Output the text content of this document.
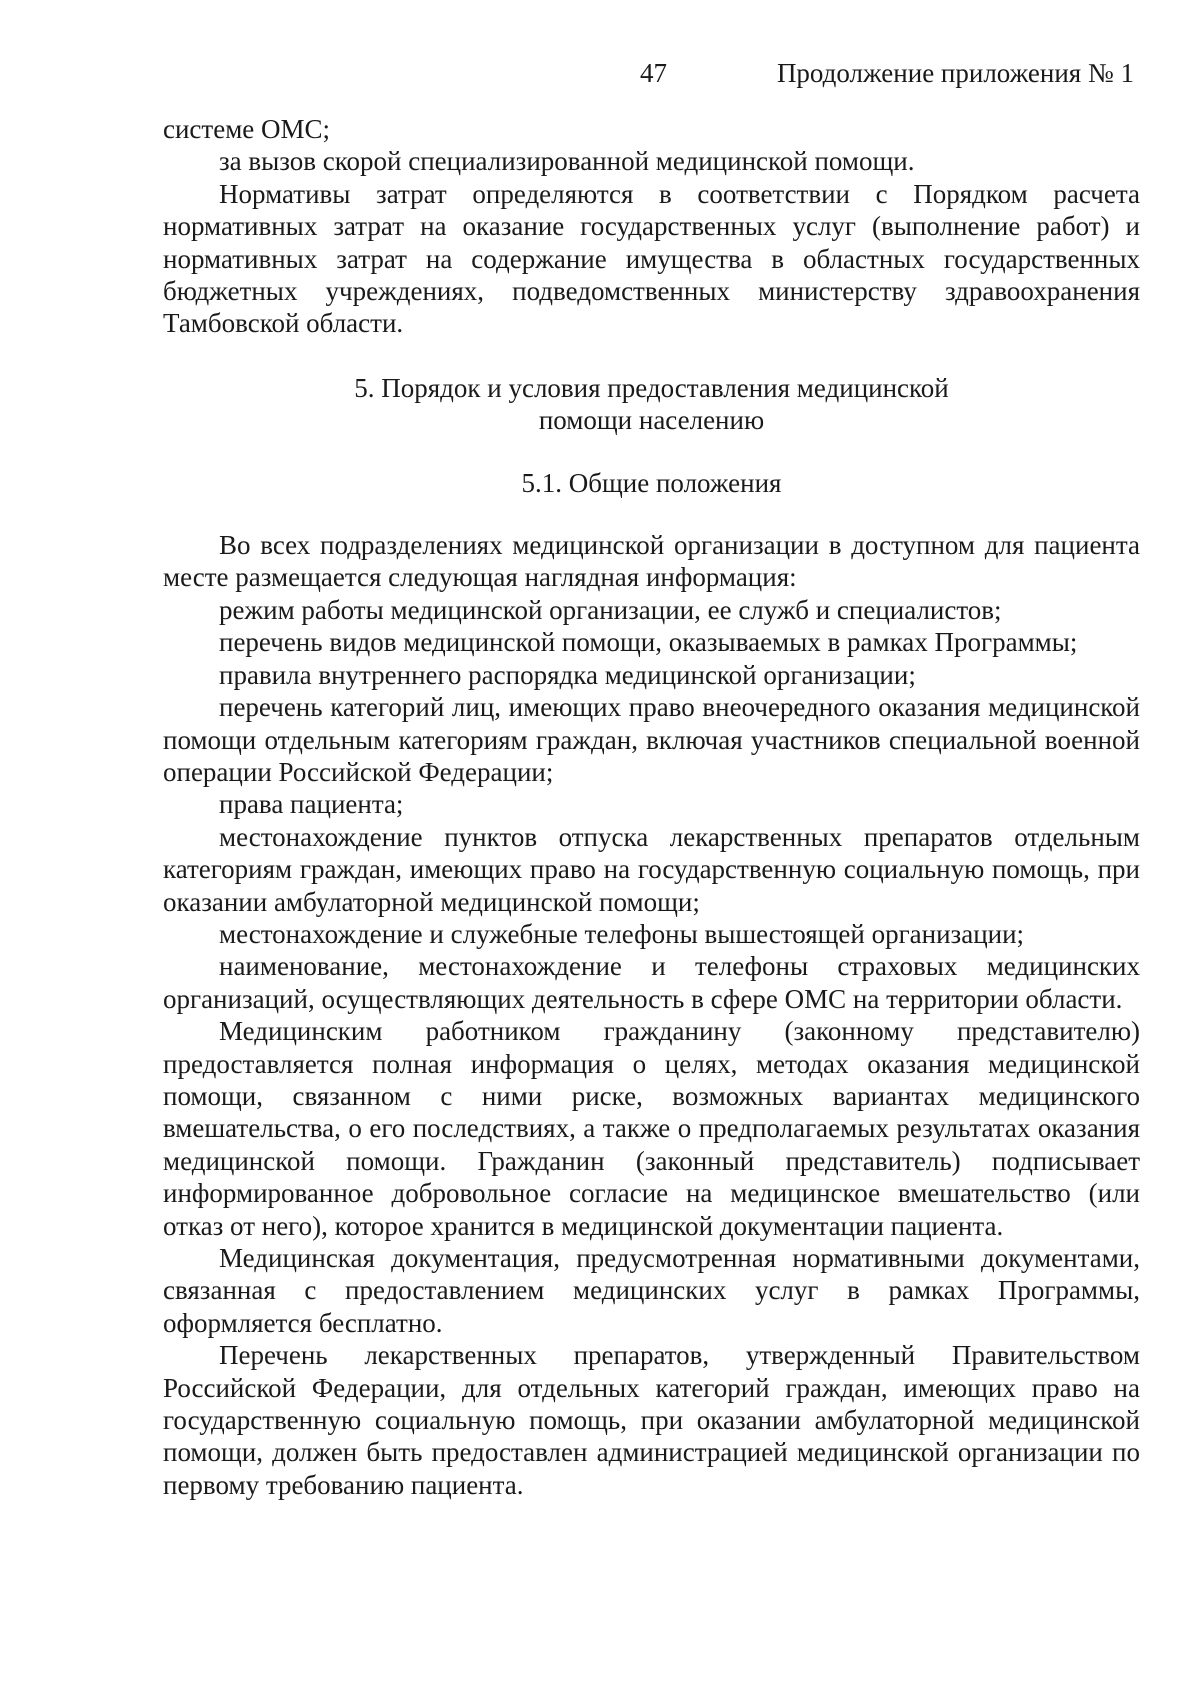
47	Продолжение приложения № 1

системе ОМС;

за вызов скорой специализированной медицинской помощи.

Нормативы затрат определяются в соответствии с Порядком расчета нормативных затрат на оказание государственных услуг (выполнение работ) и нормативных затрат на содержание имущества в областных государственных бюджетных учреждениях, подведомственных министерству здравоохранения Тамбовской области.

5. Порядок и условия предоставления медицинской помощи населению
5.1. Общие положения

Во всех подразделениях медицинской организации в доступном для пациента месте размещается следующая наглядная информация:

режим работы медицинской организации, ее служб и специалистов;

перечень видов медицинской помощи, оказываемых в рамках Программы;

правила внутреннего распорядка медицинской организации;

перечень категорий лиц, имеющих право внеочередного оказания медицинской помощи отдельным категориям граждан, включая участников специальной военной операции Российской Федерации;

права пациента;

местонахождение пунктов отпуска лекарственных препаратов отдельным категориям граждан, имеющих право на государственную социальную помощь, при оказании амбулаторной медицинской помощи;

местонахождение и служебные телефоны вышестоящей организации;

наименование, местонахождение и телефоны страховых медицинских организаций, осуществляющих деятельность в сфере ОМС на территории области.

Медицинским работником гражданину (законному представителю) предоставляется полная информация о целях, методах оказания медицинской помощи, связанном с ними риске, возможных вариантах медицинского вмешательства, о его последствиях, а также о предполагаемых результатах оказания медицинской помощи. Гражданин (законный представитель) подписывает информированное добровольное согласие на медицинское вмешательство (или отказ от него), которое хранится в медицинской документации пациента.

Медицинская документация, предусмотренная нормативными документами, связанная с предоставлением медицинских услуг в рамках Программы, оформляется бесплатно.

Перечень лекарственных препаратов, утвержденный Правительством Российской Федерации, для отдельных категорий граждан, имеющих право на государственную социальную помощь, при оказании амбулаторной медицинской помощи, должен быть предоставлен администрацией медицинской организации по первому требованию пациента.
